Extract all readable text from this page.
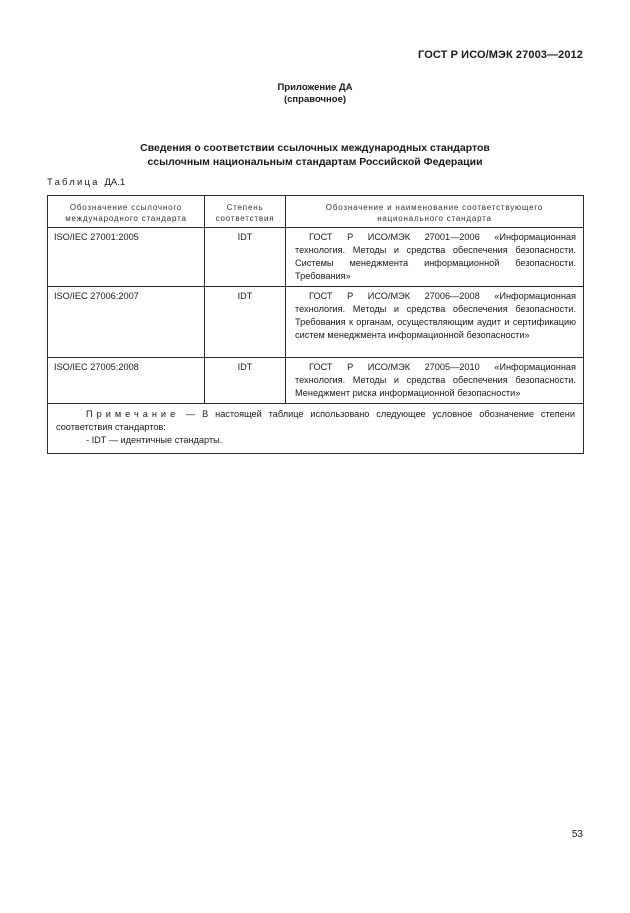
ГОСТ Р ИСО/МЭК 27003—2012
Приложение ДА
(справочное)
Сведения о соответствии ссылочных международных стандартов
ссылочным национальным стандартам Российской Федерации
Таблица ДА.1
Обозначение ссылочного международного стандарта	Степень соответствия	Обозначение и наименование соответствующего национального стандарта
ISO/IEC 27001:2005	IDT	ГОСТ Р ИСО/МЭК 27001—2006 «Информационная технология. Методы и средства обеспечения безопасности. Системы менеджмента информационной безопасности. Требования»
ISO/IEC 27006:2007	IDT	ГОСТ Р ИСО/МЭК 27006—2008 «Информационная технология. Методы и средства обеспечения безопасности. Требования к органам, осуществляющим аудит и сертификацию систем менеджмента информационной безопасности»
ISO/IEC 27005:2008	IDT	ГОСТ Р ИСО/МЭК 27005—2010 «Информационная технология. Методы и средства обеспечения безопасности. Менеджмент риска информационной безопасности»
Примечание — В настоящей таблице использовано следующее условное обозначение степени соответствия стандартов:
- IDT — идентичные стандарты.		
53
